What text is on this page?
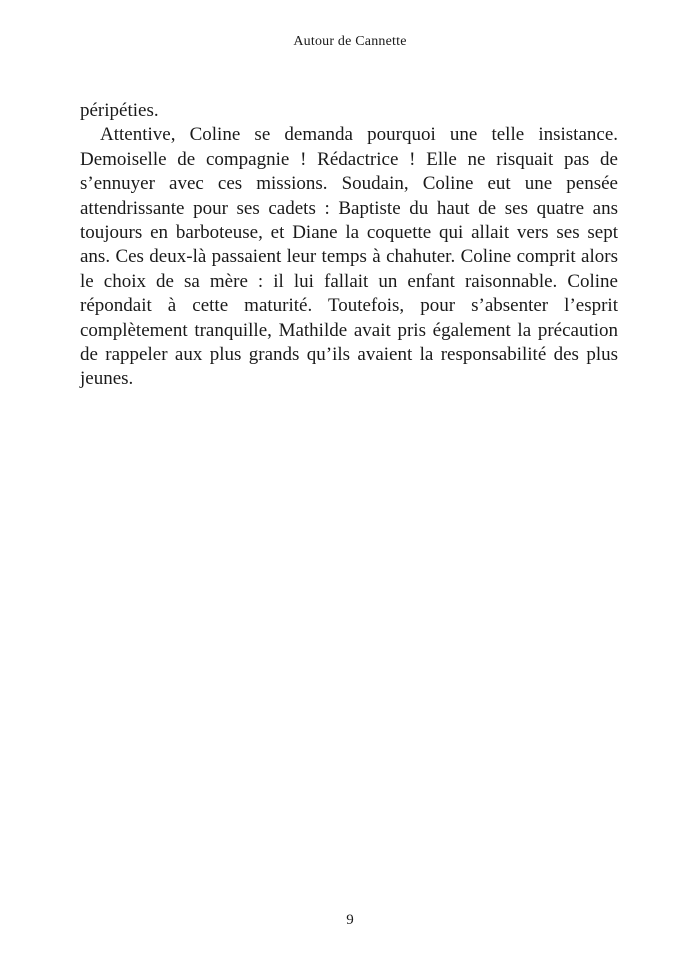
Autour de Cannette

péripéties.

Attentive, Coline se demanda pourquoi une telle insistance. Demoiselle de compagnie ! Rédactrice ! Elle ne risquait pas de s’ennuyer avec ces missions. Soudain, Coline eut une pensée attendrissante pour ses cadets : Baptiste du haut de ses quatre ans toujours en barboteuse, et Diane la coquette qui allait vers ses sept ans. Ces deux-là passaient leur temps à chahuter. Coline comprit alors le choix de sa mère : il lui fallait un enfant raisonnable. Coline répondait à cette maturité. Toutefois, pour s’absenter l’esprit complètement tranquille, Mathilde avait pris également la précaution de rappeler aux plus grands qu’ils avaient la responsabilité des plus jeunes.

9
